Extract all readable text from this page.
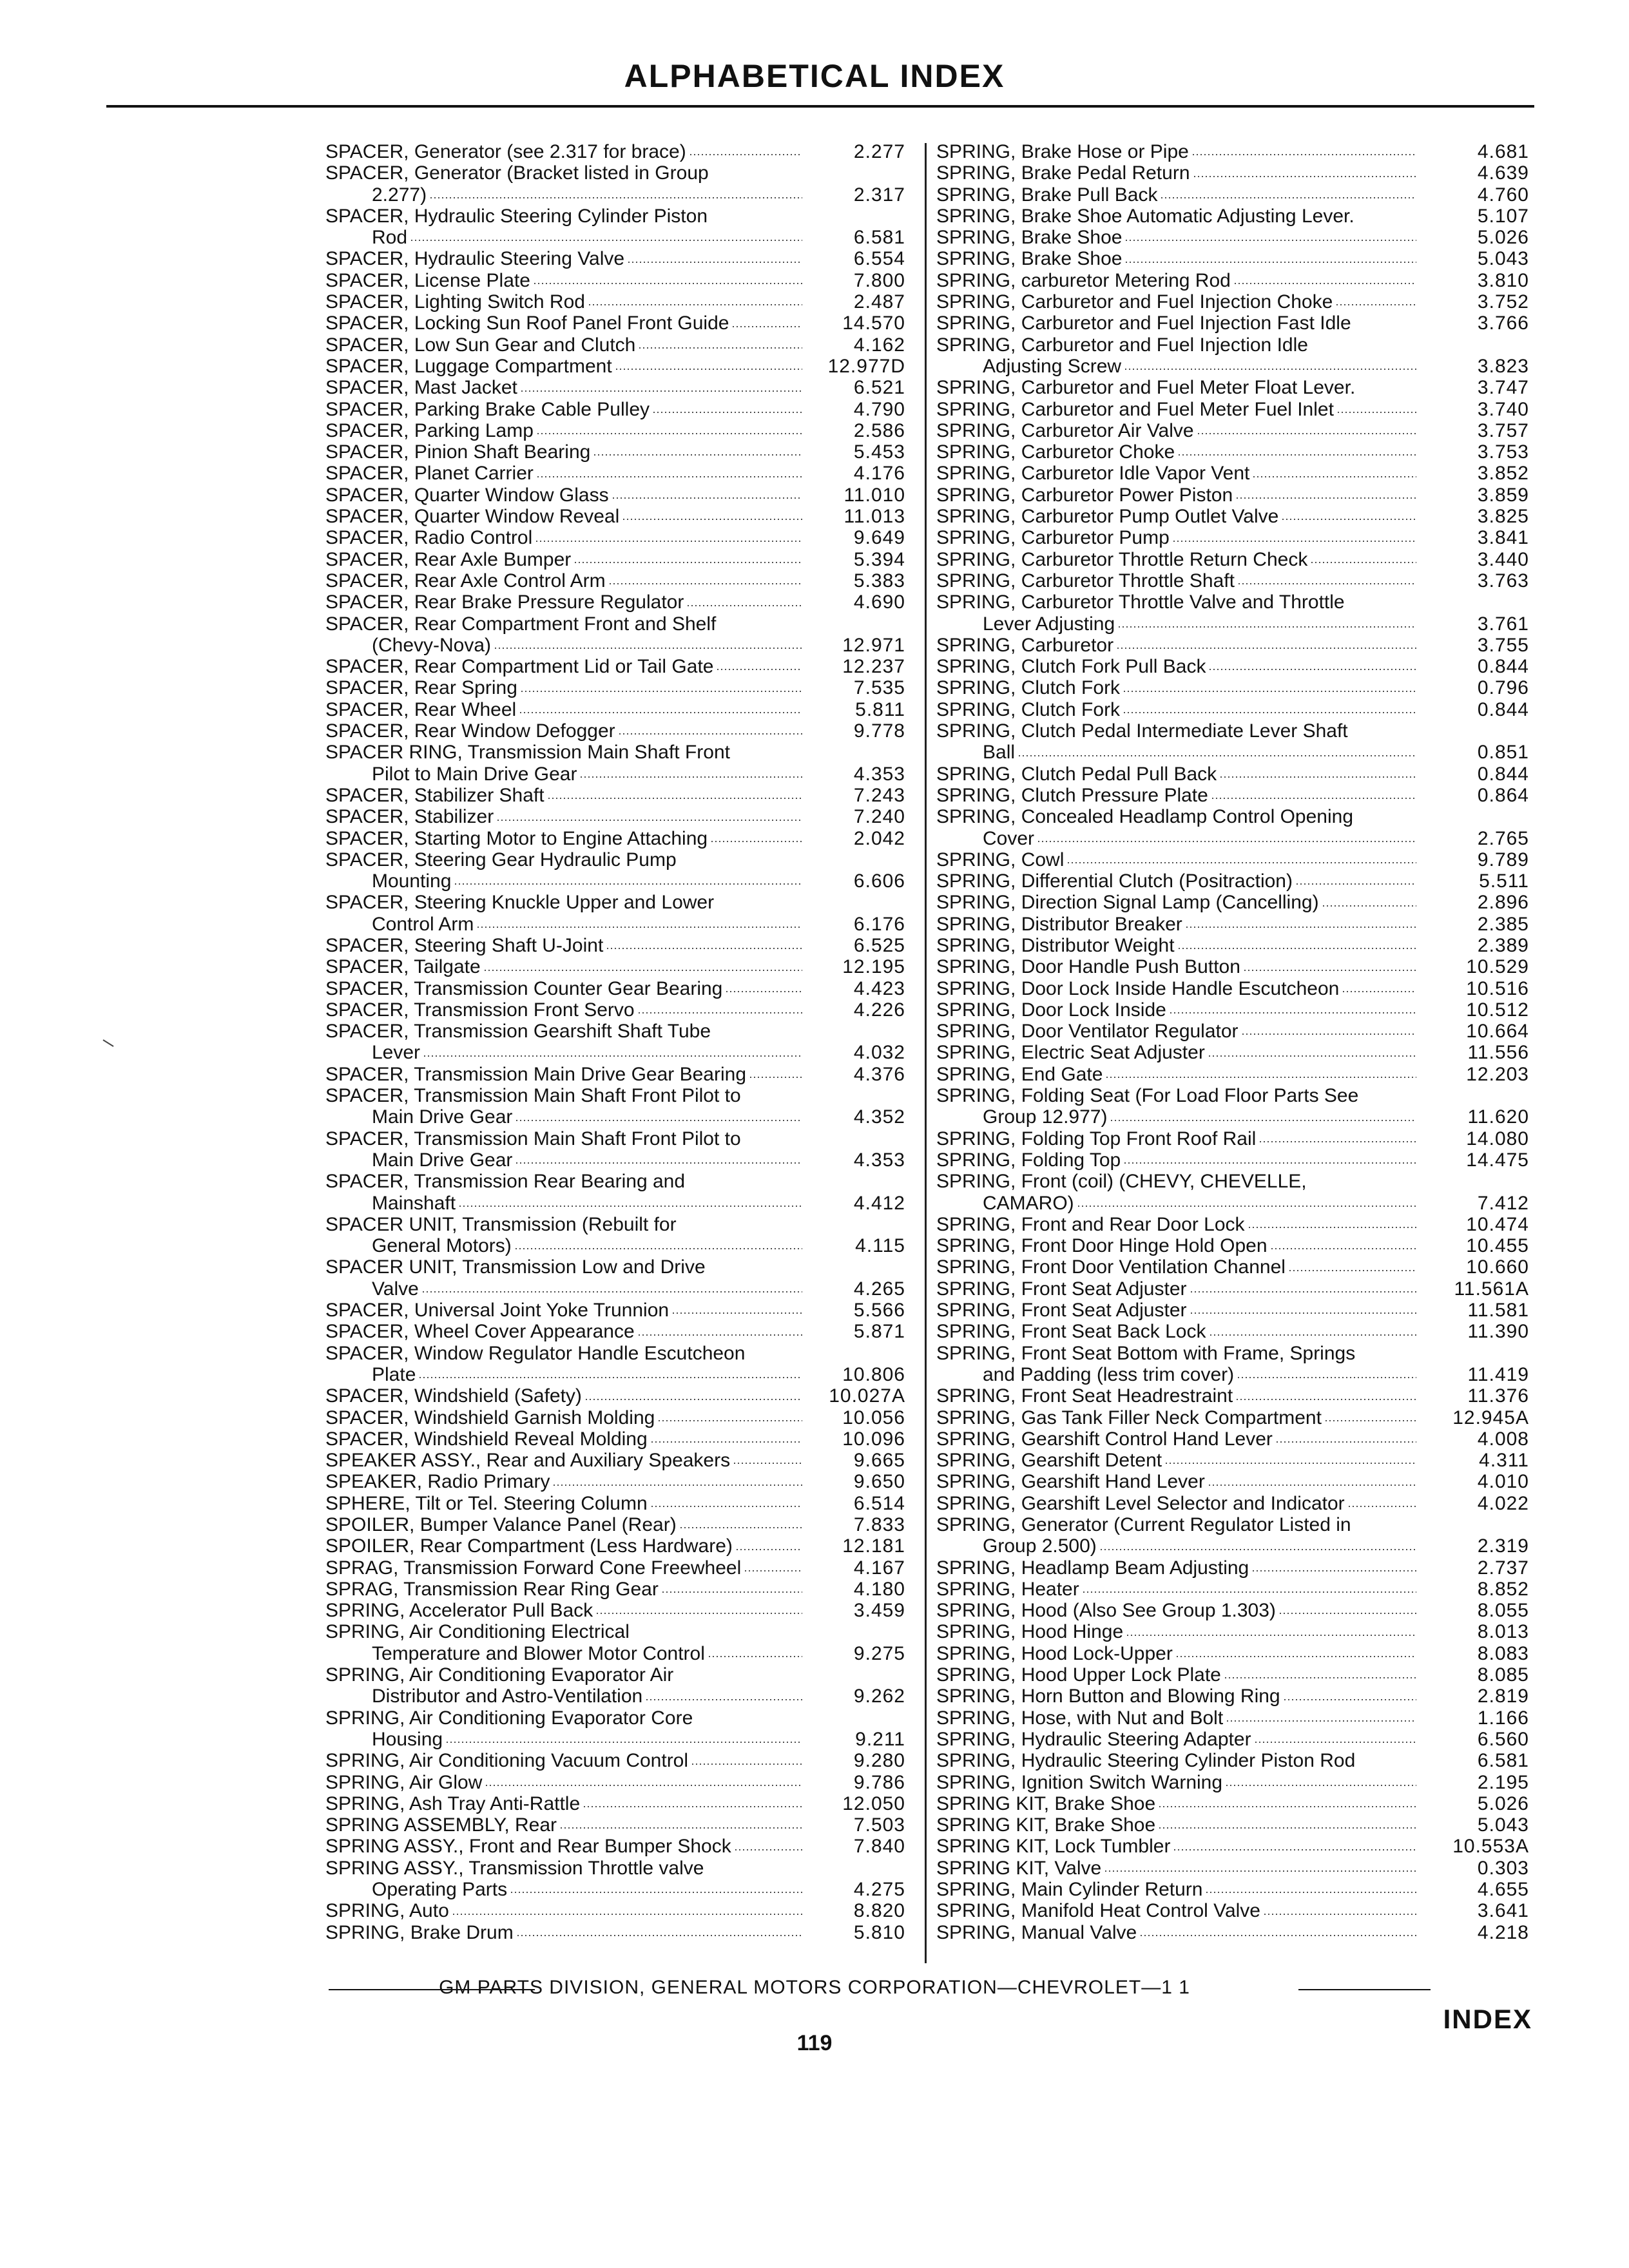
ALPHABETICAL INDEX
SPACER, Generator (see 2.317 for brace)	2.277
SPACER, Generator (Bracket listed in Group
2.277)	2.317
SPACER, Hydraulic Steering Cylinder Piston
Rod	6.581
SPACER, Hydraulic Steering Valve	6.554
SPACER, License Plate	7.800
SPACER, Lighting Switch Rod	2.487
SPACER, Locking Sun Roof Panel Front Guide	14.570
SPACER, Low Sun Gear and Clutch	4.162
SPACER, Luggage Compartment	12.977D
SPACER, Mast Jacket	6.521
SPACER, Parking Brake Cable Pulley	4.790
SPACER, Parking Lamp	2.586
SPACER, Pinion Shaft Bearing	5.453
SPACER, Planet Carrier	4.176
SPACER, Quarter Window Glass	11.010
SPACER, Quarter Window Reveal	11.013
SPACER, Radio Control	9.649
SPACER, Rear Axle Bumper	5.394
SPACER, Rear Axle Control Arm	5.383
SPACER, Rear Brake Pressure Regulator	4.690
SPACER, Rear Compartment Front and Shelf
(Chevy-Nova)	12.971
SPACER, Rear Compartment Lid or Tail Gate	12.237
SPACER, Rear Spring	7.535
SPACER, Rear Wheel	5.811
SPACER, Rear Window Defogger	9.778
SPACER RING, Transmission Main Shaft Front
Pilot to Main Drive Gear	4.353
SPACER, Stabilizer Shaft	7.243
SPACER, Stabilizer	7.240
SPACER, Starting Motor to Engine Attaching	2.042
SPACER, Steering Gear Hydraulic Pump
Mounting	6.606
SPACER, Steering Knuckle Upper and Lower
Control Arm	6.176
SPACER, Steering Shaft U-Joint	6.525
SPACER, Tailgate	12.195
SPACER, Transmission Counter Gear Bearing	4.423
SPACER, Transmission Front Servo	4.226
SPACER, Transmission Gearshift Shaft Tube
Lever	4.032
SPACER, Transmission Main Drive Gear Bearing	4.376
SPACER, Transmission Main Shaft Front Pilot to
Main Drive Gear	4.352
SPACER, Transmission Main Shaft Front Pilot to
Main Drive Gear	4.353
SPACER, Transmission Rear Bearing and
Mainshaft	4.412
SPACER UNIT, Transmission (Rebuilt for
General Motors)	4.115
SPACER UNIT, Transmission Low and Drive
Valve	4.265
SPACER, Universal Joint Yoke Trunnion	5.566
SPACER, Wheel Cover Appearance	5.871
SPACER, Window Regulator Handle Escutcheon
Plate	10.806
SPACER, Windshield (Safety)	10.027A
SPACER, Windshield Garnish Molding	10.056
SPACER, Windshield Reveal Molding	10.096
SPEAKER ASSY., Rear and Auxiliary Speakers	9.665
SPEAKER, Radio Primary	9.650
SPHERE, Tilt or Tel. Steering Column	6.514
SPOILER, Bumper Valance Panel (Rear)	7.833
SPOILER, Rear Compartment (Less Hardware)	12.181
SPRAG, Transmission Forward Cone Freewheel	4.167
SPRAG, Transmission Rear Ring Gear	4.180
SPRING, Accelerator Pull Back	3.459
SPRING, Air Conditioning Electrical
Temperature and Blower Motor Control	9.275
SPRING, Air Conditioning Evaporator Air
Distributor and Astro-Ventilation	9.262
SPRING, Air Conditioning Evaporator Core
Housing	9.211
SPRING, Air Conditioning Vacuum Control	9.280
SPRING, Air Glow	9.786
SPRING, Ash Tray Anti-Rattle	12.050
SPRING ASSEMBLY, Rear	7.503
SPRING ASSY., Front and Rear Bumper Shock	7.840
SPRING ASSY., Transmission Throttle valve
Operating Parts	4.275
SPRING, Auto	8.820
SPRING, Brake Drum	5.810
SPRING, Brake Hose or Pipe	4.681
SPRING, Brake Pedal Return	4.639
SPRING, Brake Pull Back	4.760
SPRING, Brake Shoe Automatic Adjusting Lever.	5.107
SPRING, Brake Shoe	5.026
SPRING, Brake Shoe	5.043
SPRING, carburetor Metering Rod	3.810
SPRING, Carburetor and Fuel Injection Choke	3.752
SPRING, Carburetor and Fuel Injection Fast Idle	3.766
SPRING, Carburetor and Fuel Injection Idle
Adjusting Screw	3.823
SPRING, Carburetor and Fuel Meter Float Lever.	3.747
SPRING, Carburetor and Fuel Meter Fuel Inlet	3.740
SPRING, Carburetor Air Valve	3.757
SPRING, Carburetor Choke	3.753
SPRING, Carburetor Idle Vapor Vent	3.852
SPRING, Carburetor Power Piston	3.859
SPRING, Carburetor Pump Outlet Valve	3.825
SPRING, Carburetor Pump	3.841
SPRING, Carburetor Throttle Return Check	3.440
SPRING, Carburetor Throttle Shaft	3.763
SPRING, Carburetor Throttle Valve and Throttle
Lever Adjusting	3.761
SPRING, Carburetor	3.755
SPRING, Clutch Fork Pull Back	0.844
SPRING, Clutch Fork	0.796
SPRING, Clutch Fork	0.844
SPRING, Clutch Pedal Intermediate Lever Shaft
Ball	0.851
SPRING, Clutch Pedal Pull Back	0.844
SPRING, Clutch Pressure Plate	0.864
SPRING, Concealed Headlamp Control Opening
Cover	2.765
SPRING, Cowl	9.789
SPRING, Differential Clutch (Positraction)	5.511
SPRING, Direction Signal Lamp (Cancelling)	2.896
SPRING, Distributor Breaker	2.385
SPRING, Distributor Weight	2.389
SPRING, Door Handle Push Button	10.529
SPRING, Door Lock Inside Handle Escutcheon	10.516
SPRING, Door Lock Inside	10.512
SPRING, Door Ventilator Regulator	10.664
SPRING, Electric Seat Adjuster	11.556
SPRING, End Gate	12.203
SPRING, Folding Seat (For Load Floor Parts See
Group 12.977)	11.620
SPRING, Folding Top Front Roof Rail	14.080
SPRING, Folding Top	14.475
SPRING, Front (coil) (CHEVY, CHEVELLE,
CAMARO)	7.412
SPRING, Front and Rear Door Lock	10.474
SPRING, Front Door Hinge Hold Open	10.455
SPRING, Front Door Ventilation Channel	10.660
SPRING, Front Seat Adjuster	11.561A
SPRING, Front Seat Adjuster	11.581
SPRING, Front Seat Back Lock	11.390
SPRING, Front Seat Bottom with Frame, Springs
and Padding (less trim cover)	11.419
SPRING, Front Seat Headrestraint	11.376
SPRING, Gas Tank Filler Neck Compartment	12.945A
SPRING, Gearshift Control Hand Lever	4.008
SPRING, Gearshift Detent	4.311
SPRING, Gearshift Hand Lever	4.010
SPRING, Gearshift Level Selector and Indicator	4.022
SPRING, Generator (Current Regulator Listed in
Group 2.500)	2.319
SPRING, Headlamp Beam Adjusting	2.737
SPRING, Heater	8.852
SPRING, Hood (Also See Group 1.303)	8.055
SPRING, Hood Hinge	8.013
SPRING, Hood Lock-Upper	8.083
SPRING, Hood Upper Lock Plate	8.085
SPRING, Horn Button and Blowing Ring	2.819
SPRING, Hose, with Nut and Bolt	1.166
SPRING, Hydraulic Steering Adapter	6.560
SPRING, Hydraulic Steering Cylinder Piston Rod	6.581
SPRING, Ignition Switch Warning	2.195
SPRING KIT, Brake Shoe	5.026
SPRING KIT, Brake Shoe	5.043
SPRING KIT, Lock Tumbler	10.553A
SPRING KIT, Valve	0.303
SPRING, Main Cylinder Return	4.655
SPRING, Manifold Heat Control Valve	3.641
SPRING, Manual Valve	4.218

GM PARTS DIVISION, GENERAL MOTORS CORPORATION—CHEVROLET—1 1

119

INDEX
